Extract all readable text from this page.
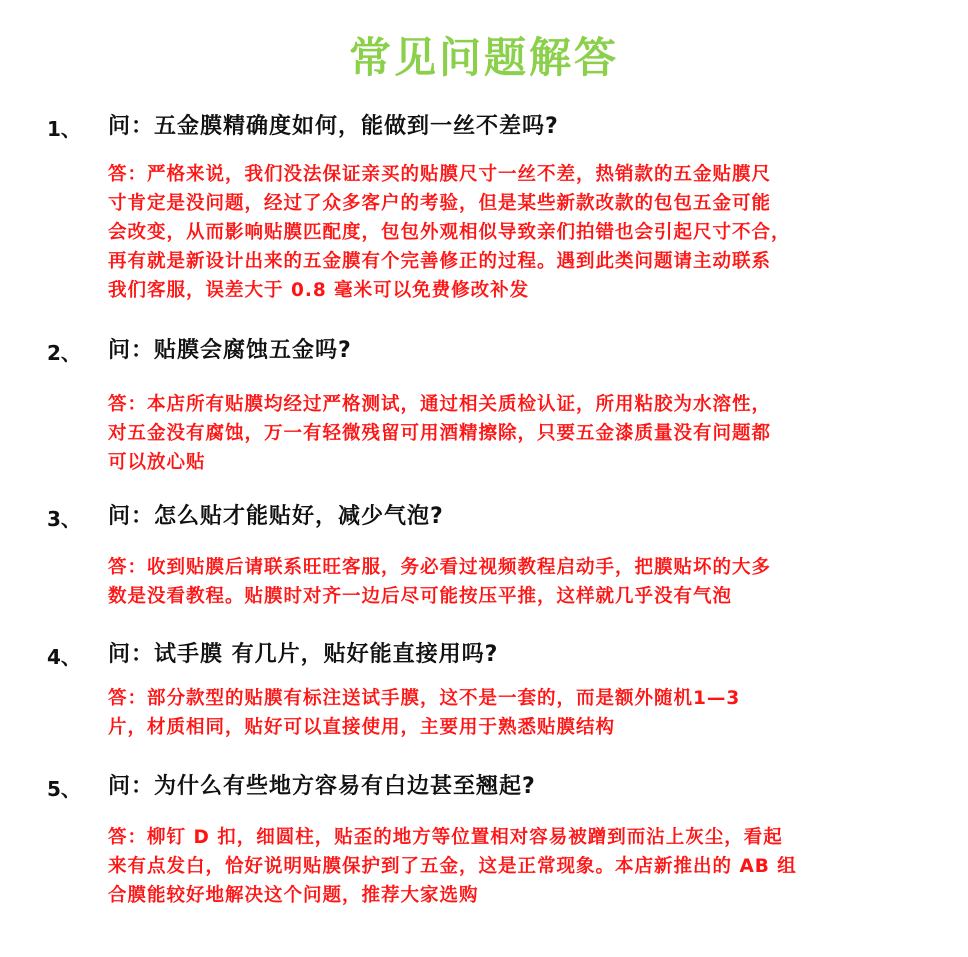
常见问题解答
1、 问：五金膜精确度如何，能做到一丝不差吗?
答：严格来说，我们没法保证亲买的贴膜尺寸一丝不差，热销款的五金贴膜尺
寸肯定是没问题，经过了众多客户的考验，但是某些新款改款的包包五金可能
会改变，从而影响贴膜匹配度，包包外观相似导致亲们拍错也会引起尺寸不合，
再有就是新设计出来的五金膜有个完善修正的过程。遇到此类问题请主动联系
我们客服，误差大于 0.8 毫米可以免费修改补发
2、 问：贴膜会腐蚀五金吗?
答：本店所有贴膜均经过严格测试，通过相关质检认证，所用粘胶为水溶性，
对五金没有腐蚀，万一有轻微残留可用酒精擦除，只要五金漆质量没有问题都
可以放心贴
3、 问：怎么贴才能贴好，减少气泡?
答：收到贴膜后请联系旺旺客服，务必看过视频教程启动手，把膜贴坏的大多
数是没看教程。贴膜时对齐一边后尽可能按压平推，这样就几乎没有气泡
4、 问：试手膜 有几片，贴好能直接用吗?
答：部分款型的贴膜有标注送试手膜，这不是一套的，而是额外随机1—3
片，材质相同，贴好可以直接使用，主要用于熟悉贴膜结构
5、 问：为什么有些地方容易有白边甚至翘起?
答：柳钉 D 扣，细圆柱，贴歪的地方等位置相对容易被蹭到而沾上灰尘，看起
来有点发白，恰好说明贴膜保护到了五金，这是正常现象。本店新推出的 AB 组
合膜能较好地解决这个问题，推荐大家选购
